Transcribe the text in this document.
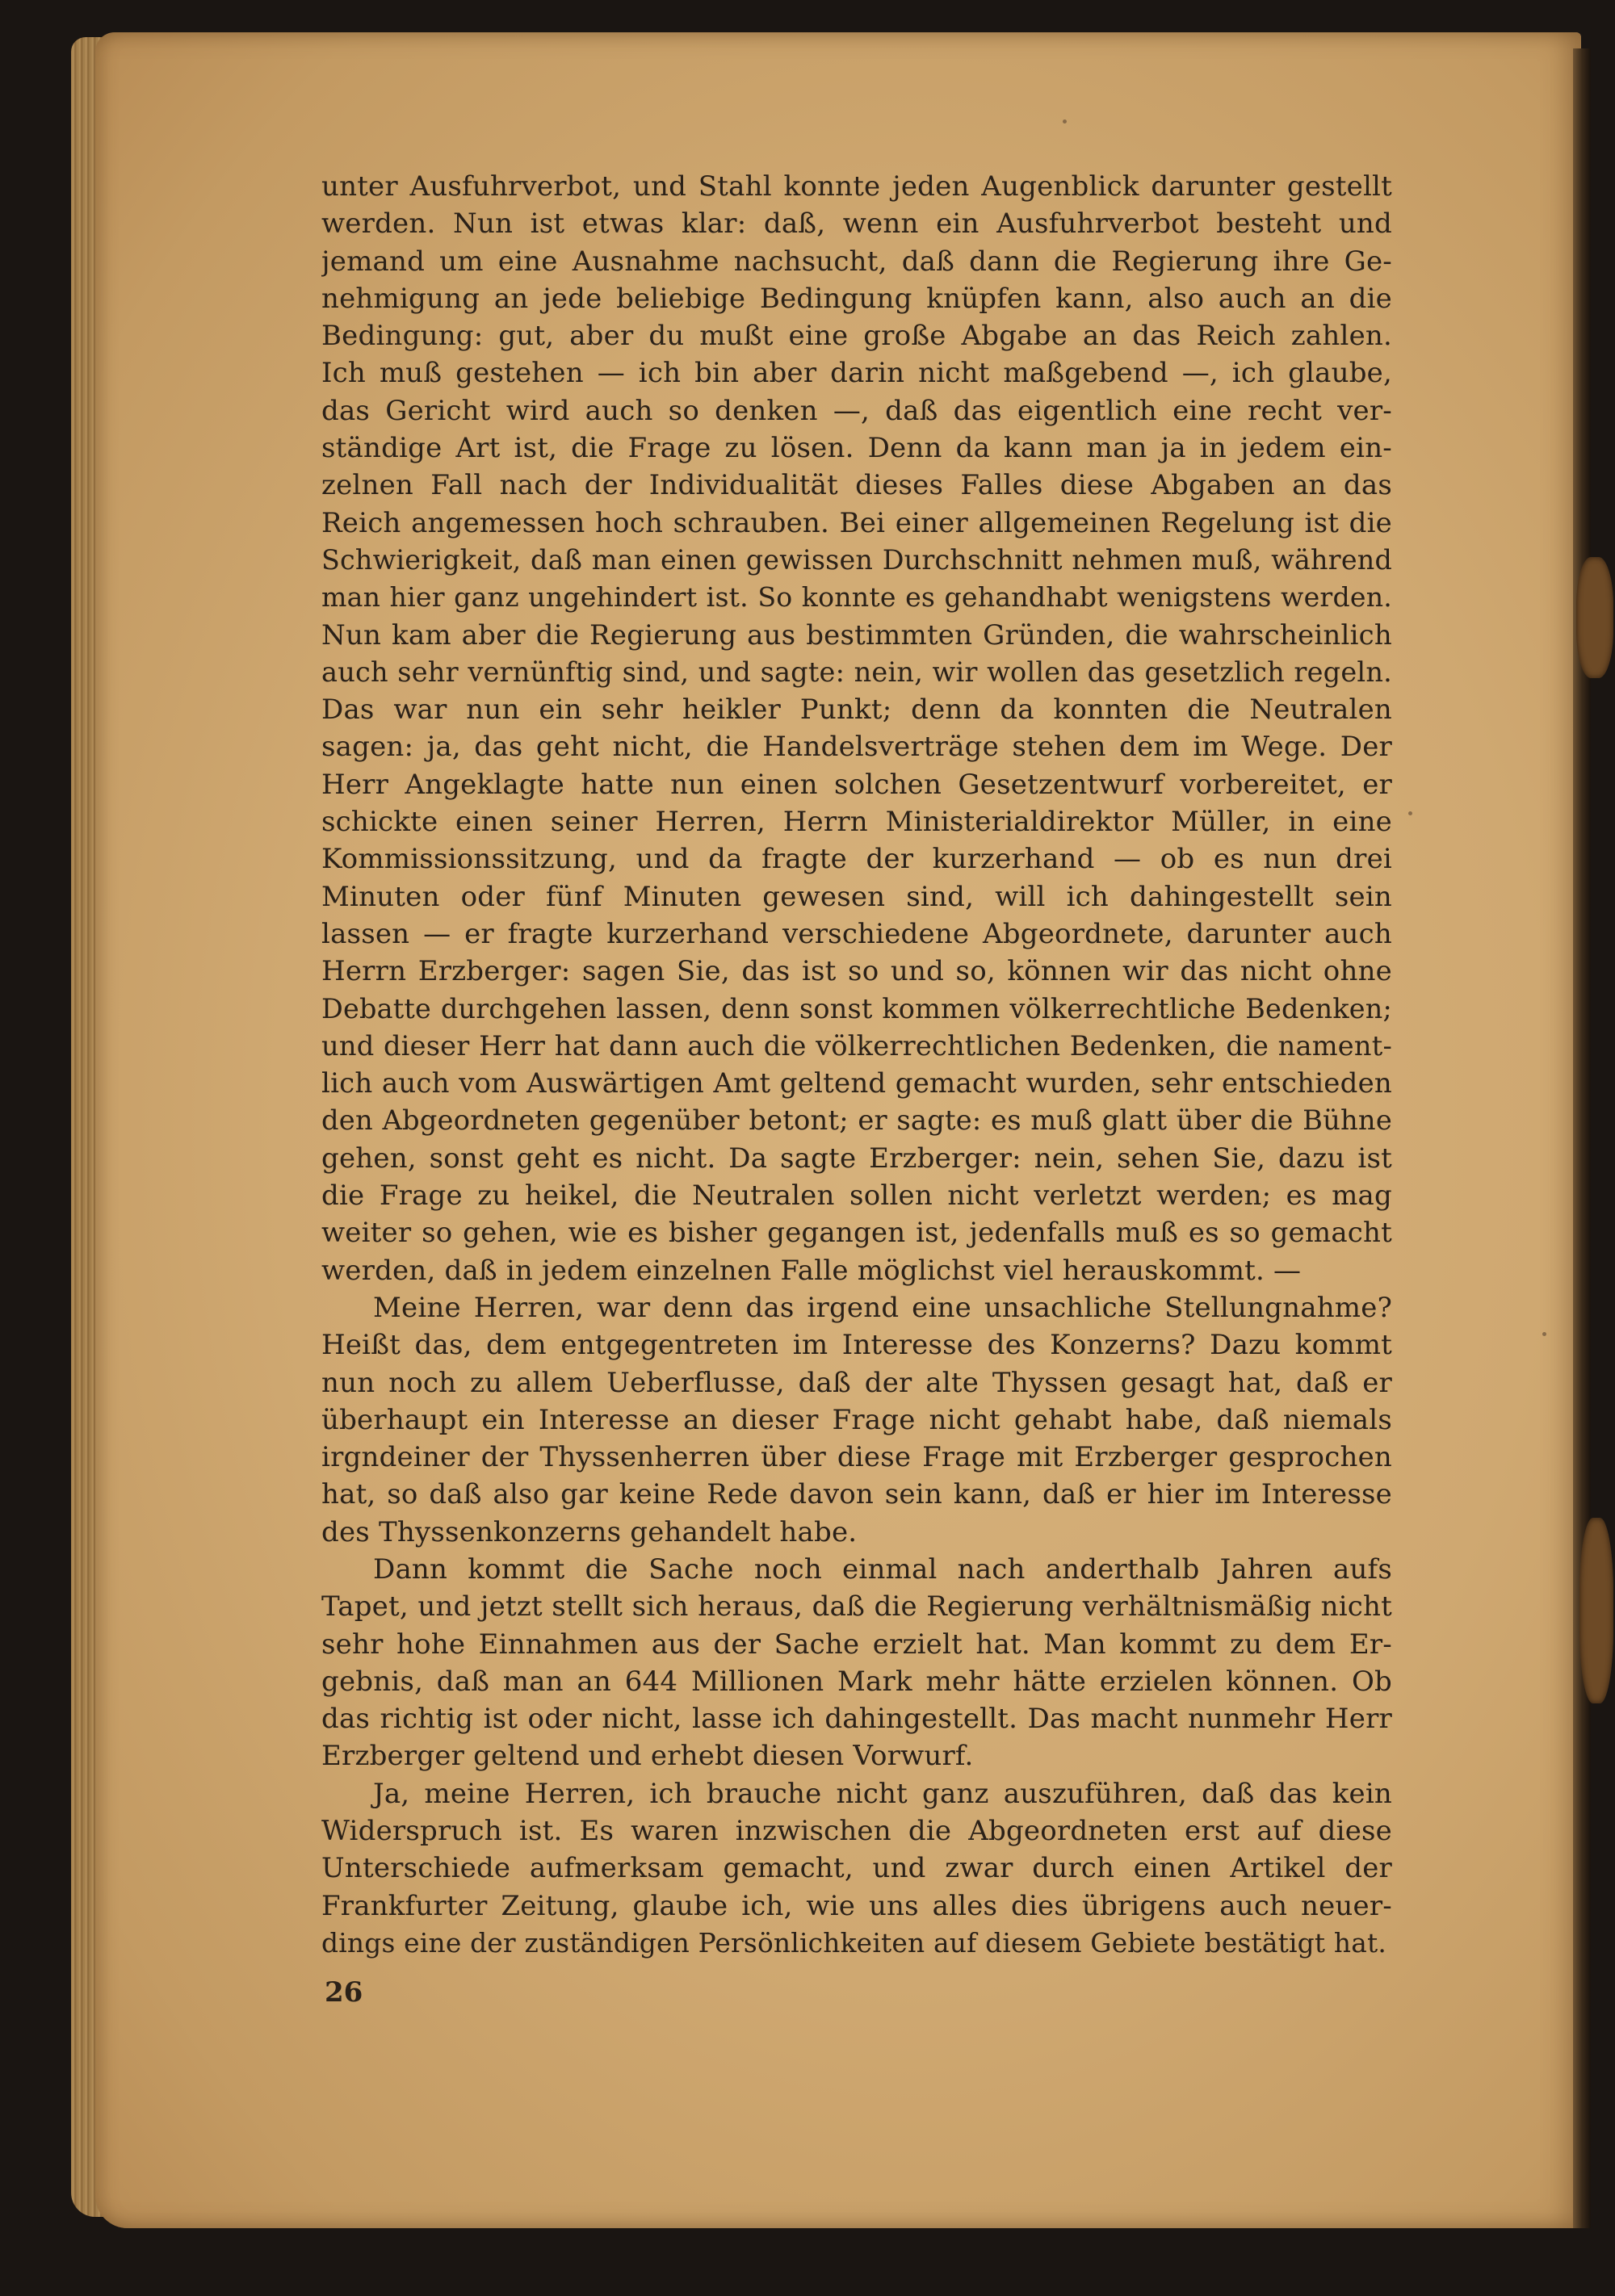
unter Ausfuhrverbot, und Stahl konnte jeden Augenblick darunter gestellt
werden. Nun ist etwas klar: daß, wenn ein Ausfuhrverbot besteht und
jemand um eine Ausnahme nachsucht, daß dann die Regierung ihre Ge-
nehmigung an jede beliebige Bedingung knüpfen kann, also auch an die
Bedingung: gut, aber du mußt eine große Abgabe an das Reich zahlen.
Ich muß gestehen — ich bin aber darin nicht maßgebend —, ich glaube,
das Gericht wird auch so denken —, daß das eigentlich eine recht ver-
ständige Art ist, die Frage zu lösen. Denn da kann man ja in jedem ein-
zelnen Fall nach der Individualität dieses Falles diese Abgaben an das
Reich angemessen hoch schrauben. Bei einer allgemeinen Regelung ist die
Schwierigkeit, daß man einen gewissen Durchschnitt nehmen muß, während
man hier ganz ungehindert ist. So konnte es gehandhabt wenigstens werden.
Nun kam aber die Regierung aus bestimmten Gründen, die wahrscheinlich
auch sehr vernünftig sind, und sagte: nein, wir wollen das gesetzlich regeln.
Das war nun ein sehr heikler Punkt; denn da konnten die Neutralen
sagen: ja, das geht nicht, die Handelsverträge stehen dem im Wege. Der
Herr Angeklagte hatte nun einen solchen Gesetzentwurf vorbereitet, er
schickte einen seiner Herren, Herrn Ministerialdirektor Müller, in eine
Kommissionssitzung, und da fragte der kurzerhand — ob es nun drei
Minuten oder fünf Minuten gewesen sind, will ich dahingestellt sein
lassen — er fragte kurzerhand verschiedene Abgeordnete, darunter auch
Herrn Erzberger: sagen Sie, das ist so und so, können wir das nicht ohne
Debatte durchgehen lassen, denn sonst kommen völkerrechtliche Bedenken;
und dieser Herr hat dann auch die völkerrechtlichen Bedenken, die nament-
lich auch vom Auswärtigen Amt geltend gemacht wurden, sehr entschieden
den Abgeordneten gegenüber betont; er sagte: es muß glatt über die Bühne
gehen, sonst geht es nicht. Da sagte Erzberger: nein, sehen Sie, dazu ist
die Frage zu heikel, die Neutralen sollen nicht verletzt werden; es mag
weiter so gehen, wie es bisher gegangen ist, jedenfalls muß es so gemacht
werden, daß in jedem einzelnen Falle möglichst viel herauskommt. —
Meine Herren, war denn das irgend eine unsachliche Stellungnahme?
Heißt das, dem entgegentreten im Interesse des Konzerns? Dazu kommt
nun noch zu allem Ueberflusse, daß der alte Thyssen gesagt hat, daß er
überhaupt ein Interesse an dieser Frage nicht gehabt habe, daß niemals
irgndeiner der Thyssenherren über diese Frage mit Erzberger gesprochen
hat, so daß also gar keine Rede davon sein kann, daß er hier im Interesse
des Thyssenkonzerns gehandelt habe.
Dann kommt die Sache noch einmal nach anderthalb Jahren aufs
Tapet, und jetzt stellt sich heraus, daß die Regierung verhältnismäßig nicht
sehr hohe Einnahmen aus der Sache erzielt hat. Man kommt zu dem Er-
gebnis, daß man an 644 Millionen Mark mehr hätte erzielen können. Ob
das richtig ist oder nicht, lasse ich dahingestellt. Das macht nunmehr Herr
Erzberger geltend und erhebt diesen Vorwurf.
Ja, meine Herren, ich brauche nicht ganz auszuführen, daß das kein
Widerspruch ist. Es waren inzwischen die Abgeordneten erst auf diese
Unterschiede aufmerksam gemacht, und zwar durch einen Artikel der
Frankfurter Zeitung, glaube ich, wie uns alles dies übrigens auch neuer-
dings eine der zuständigen Persönlichkeiten auf diesem Gebiete bestätigt hat.
26
